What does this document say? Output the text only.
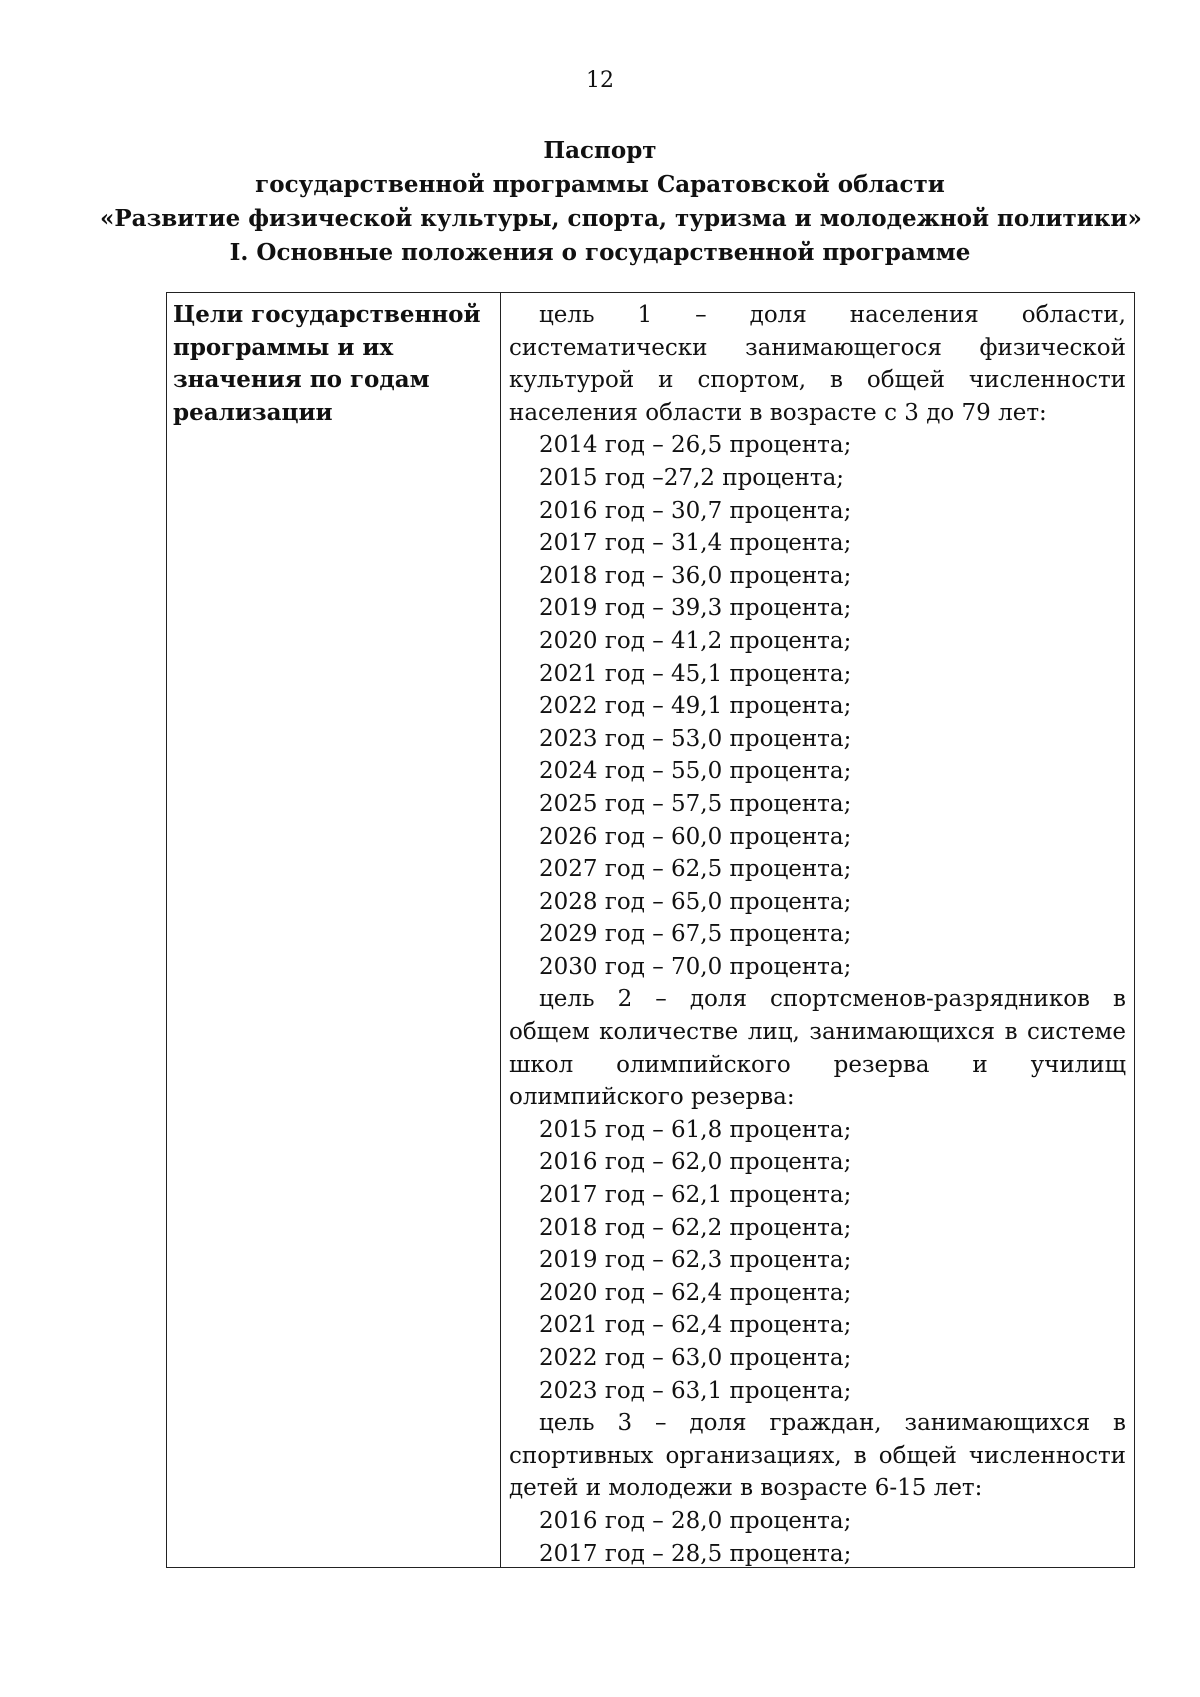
12
Паспорт
государственной программы Саратовской области
«Развитие физической культуры, спорта, туризма и молодежной политики»
I. Основные положения о государственной программе
Цели государственной программы и их значения по годам реализации

цель 1 – доля населения области, систематически занимающегося физической культурой и спортом, в общей численности населения области в возрасте с 3 до 79 лет:

2014 год – 26,5 процента;
2015 год –27,2 процента;
2016 год – 30,7 процента;
2017 год – 31,4 процента;
2018 год – 36,0 процента;
2019 год – 39,3 процента;
2020 год – 41,2 процента;
2021 год – 45,1 процента;
2022 год – 49,1 процента;
2023 год – 53,0 процента;
2024 год – 55,0 процента;
2025 год – 57,5 процента;
2026 год – 60,0 процента;
2027 год – 62,5 процента;
2028 год – 65,0 процента;
2029 год – 67,5 процента;
2030 год – 70,0 процента;

цель 2 – доля спортсменов-разрядников в общем количестве лиц, занимающихся в системе школ олимпийского резерва и училищ олимпийского резерва:

2015 год – 61,8 процента;
2016 год – 62,0 процента;
2017 год – 62,1 процента;
2018 год – 62,2 процента;
2019 год – 62,3 процента;
2020 год – 62,4 процента;
2021 год – 62,4 процента;
2022 год – 63,0 процента;
2023 год – 63,1 процента;

цель 3 – доля граждан, занимающихся в спортивных организациях, в общей численности детей и молодежи в возрасте 6-15 лет:

2016 год – 28,0 процента;
2017 год – 28,5 процента;
